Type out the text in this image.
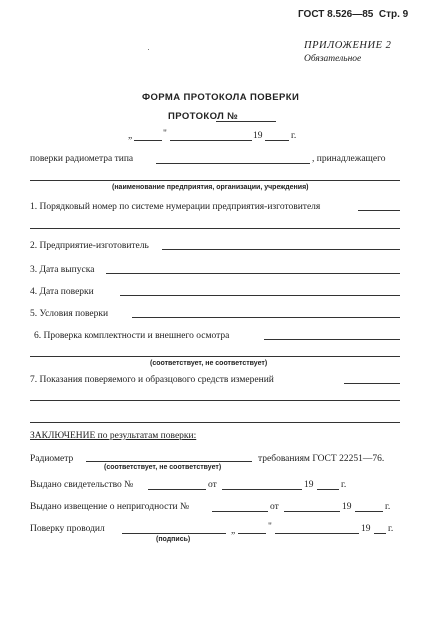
ГОСТ 8.526—85 Стр. 9
ПРИЛОЖЕНИЕ 2
Обязательное
ФОРМА ПРОТОКОЛА ПОВЕРКИ
ПРОТОКОЛ №
„	"	19	г.
поверки радиометра типа	, принадлежащего
(наименование предприятия, организации, учреждения)
1. Порядковый номер по системе нумерации предприятия-изготовителя
2. Предприятие-изготовитель
3. Дата выпуска
4. Дата поверки
5. Условия поверки
6. Проверка комплектности и внешнего осмотра
(соответствует, не соответствует)
7. Показания поверяемого и образцового средств измерений
ЗАКЛЮЧЕНИЕ по результатам поверки:
Радиометр
(соответствует, не соответствует)
требованиям ГОСТ 22251—76.
Выдано свидетельство №	от	19	г.
Выдано извещение о непригодности №	от	19	г.
Поверку проводил
(подпись)
„	"	19 г.
